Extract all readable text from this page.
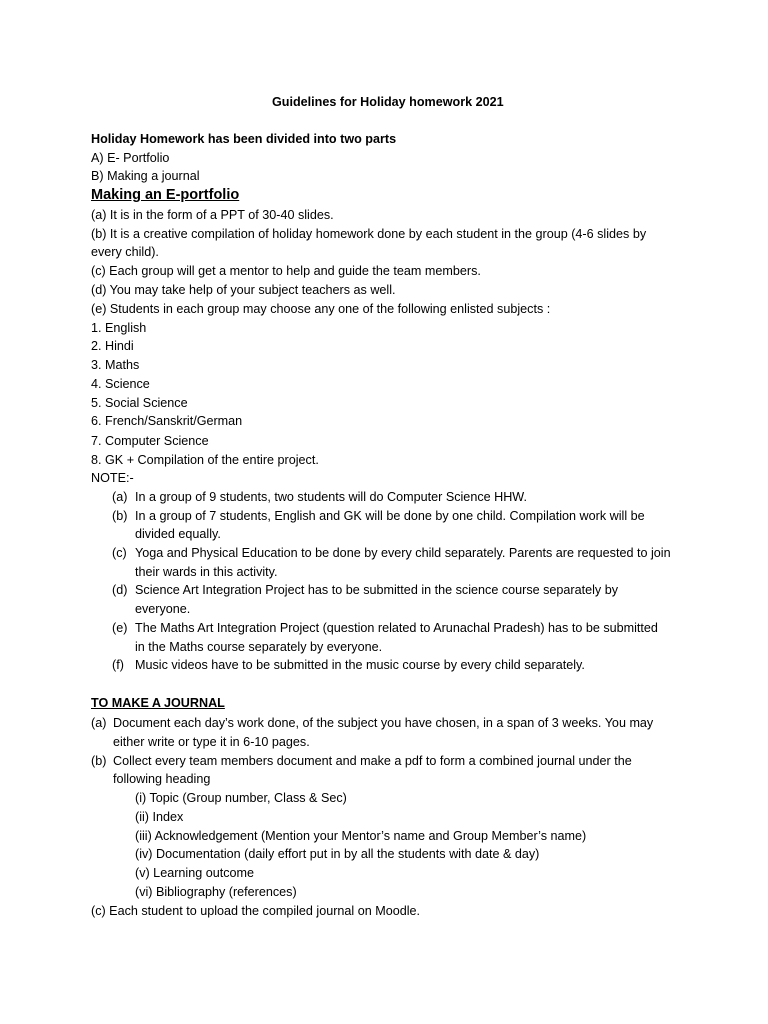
Guidelines for Holiday homework 2021
Holiday Homework has been divided into two parts
A) E- Portfolio
B) Making a journal
Making an E-portfolio
(a) It is in the form of a PPT of 30-40 slides.
(b) It is a creative compilation of holiday homework done by each student in the group (4-6 slides by
every child).
(c) Each group will get a mentor to help and guide the team members.
(d) You may take help of your subject teachers as well.
(e) Students in each group may choose any one of the following enlisted subjects :
1. English
2. Hindi
3. Maths
4. Science
5. Social Science
6. French/Sanskrit/German
7. Computer Science
8. GK + Compilation of the entire project.
NOTE:-
(a) In a group of 9 students, two students will do Computer Science HHW.
(b) In a group of 7 students, English and GK will be done by one child. Compilation work will be
divided equally.
(c) Yoga and Physical Education to be done by every child separately. Parents are requested to join
their wards in this activity.
(d) Science Art Integration Project has to be submitted in the science course separately by
everyone.
(e) The Maths Art Integration Project (question related to Arunachal Pradesh) has to be submitted
in the Maths course separately by everyone.
(f) Music videos have to be submitted in the music course by every child separately.
TO MAKE A JOURNAL
(a) Document each day’s work done, of the subject you have chosen, in a span of 3 weeks. You may
either write or type it in 6-10 pages.
(b) Collect every team members document and make a pdf to form a combined journal under the
following heading
(i) Topic (Group number, Class & Sec)
(ii) Index
(iii) Acknowledgement (Mention your Mentor’s name and Group Member’s name)
(iv) Documentation (daily effort put in by all the students with date & day)
(v) Learning outcome
(vi) Bibliography (references)
(c) Each student to upload the compiled journal on Moodle.
